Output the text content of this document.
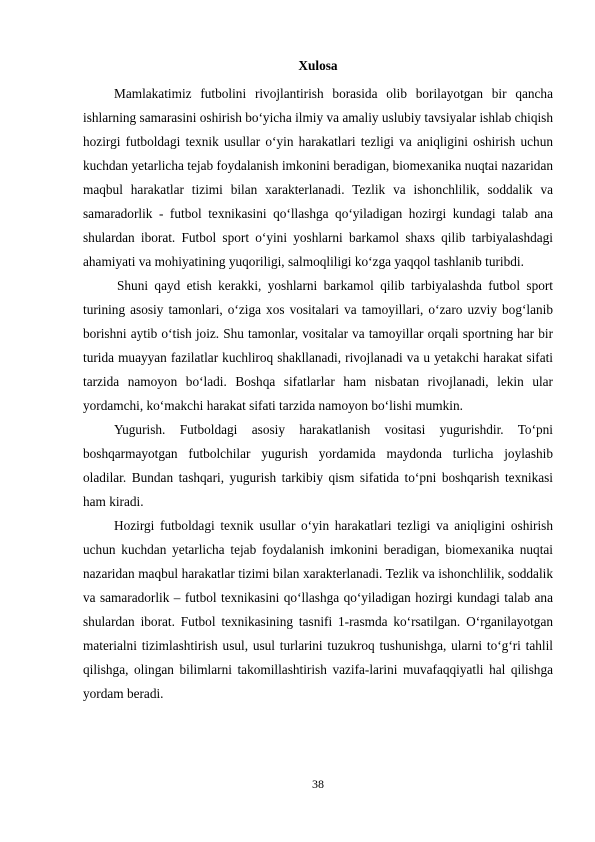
Xulosa

Mamlakatimiz futbolini rivojlantirish borasida olib borilayotgan bir qancha ishlarning samarasini oshirish bo‘yicha ilmiy va amaliy uslubiy tavsiyalar ishlab chiqish hozirgi futboldagi texnik usullar o‘yin harakatlari tezligi va aniqligini oshirish uchun kuchdan yetarlicha tejab foydalanish imkonini beradigan, biomexanika nuqtai nazaridan maqbul harakatlar tizimi bilan xarakterlanadi. Tezlik va ishonchlilik, soddalik va samaradorlik - futbol texnikasini qo‘llashga qo‘yiladigan hozirgi kundagi talab ana shulardan iborat. Futbol sport o‘yini yoshlarni barkamol shaxs qilib tarbiyalashdagi ahamiyati va mohiyatining yuqoriligi, salmoqliligi ko‘zga yaqqol tashlanib turibdi.

Shuni qayd etish kerakki, yoshlarni barkamol qilib tarbiyalashda futbol sport turining asosiy tamonlari, o‘ziga xos vositalari va tamoyillari, o‘zaro uzviy bog‘lanib borishni aytib o‘tish joiz. Shu tamonlar, vositalar va tamoyillar orqali sportning har bir turida muayyan fazilatlar kuchliroq shakllanadi, rivojlanadi va u yetakchi harakat sifati tarzida namoyon bo‘ladi. Boshqa sifatlarlar ham nisbatan rivojlanadi, lekin ular yordamchi, ko‘makchi harakat sifati tarzida namoyon bo‘lishi mumkin.

Yugurish. Futboldagi asosiy harakatlanish vositasi yugurishdir. To‘pni boshqarmayotgan futbolchilar yugurish yordamida maydonda turlicha joylashib oladilar. Bundan tashqari, yugurish tarkibiy qism sifatida to‘pni boshqarish texnikasi ham kiradi.

Hozirgi futboldagi texnik usullar o‘yin harakatlari tezligi va aniqligini oshirish uchun kuchdan yetarlicha tejab foydalanish imkonini beradigan, biomexanika nuqtai nazaridan maqbul harakatlar tizimi bilan xarakterlanadi. Tezlik va ishonchlilik, soddalik va samaradorlik – futbol texnikasini qo‘llashga qo‘yiladigan hozirgi kundagi talab ana shulardan iborat. Futbol texnikasining tasnifi 1-rasmda ko‘rsatilgan. O‘rganilayotgan materialni tizimlashtirish usul, usul turlarini tuzukroq tushunishga, ularni to‘g‘ri tahlil qilishga, olingan bilimlarni takomillashtirish vazifa-larini muvafaqqiyatli hal qilishga yordam beradi.

38
